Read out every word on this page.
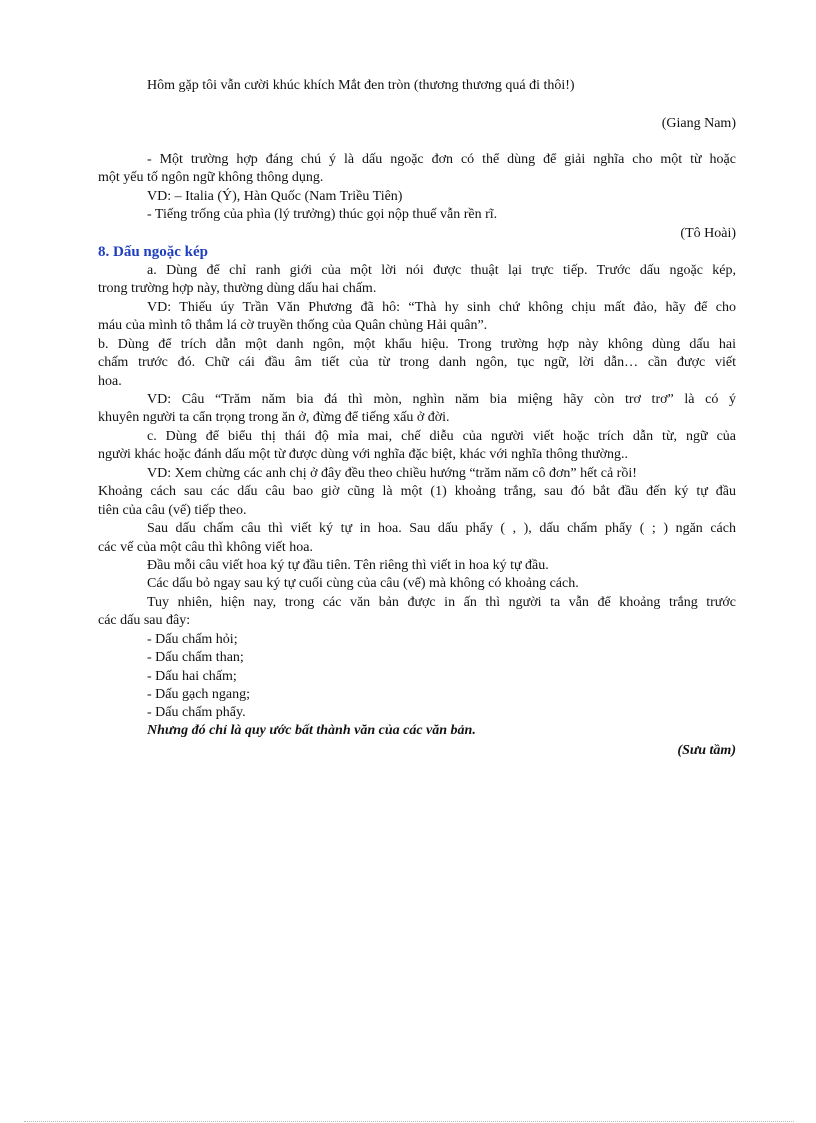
Hôm gặp tôi vẫn cười khúc khích Mắt đen tròn (thương thương quá đi thôi!)
(Giang Nam)
- Một trường hợp đáng chú ý là dấu ngoặc đơn có thể dùng để giải nghĩa cho một từ hoặc
một yếu tố ngôn ngữ không thông dụng.
VD: – Italia (Ý), Hàn Quốc (Nam Triều Tiên)
- Tiếng trống của phìa (lý trưởng) thúc gọi nộp thuế vẫn rền rĩ.
(Tô Hoài)
8. Dấu ngoặc kép
a. Dùng để chỉ ranh giới của một lời nói được thuật lại trực tiếp. Trước dấu ngoặc kép,
trong trường hợp này, thường dùng dấu hai chấm.
VD: Thiếu úy Trần Văn Phương đã hô: “Thà hy sinh chứ không chịu mất đảo, hãy để cho
máu của mình tô thắm lá cờ truyền thống của Quân chủng Hải quân”.
b. Dùng để trích dẫn một danh ngôn, một khẩu hiệu. Trong trường hợp này không dùng dấu hai
chấm trước đó. Chữ cái đầu âm tiết của từ trong danh ngôn, tục ngữ, lời dẫn… cần được viết
hoa.
VD: Câu “Trăm năm bia đá thì mòn, nghìn năm bia miệng hãy còn trơ trơ” là có ý
khuyên người ta cẩn trọng trong ăn ở, đừng để tiếng xấu ở đời.
c. Dùng để biểu thị thái độ mỉa mai, chế diễu của người viết hoặc trích dẫn từ, ngữ của
người khác hoặc đánh dấu một từ được dùng với nghĩa đặc biệt, khác với nghĩa thông thường..
VD: Xem chừng các anh chị ở đây đều theo chiều hướng “trăm năm cô đơn” hết cả rồi!
Khoảng cách sau các dấu câu bao giờ cũng là một (1) khoảng trắng, sau đó bắt đầu đến ký tự đầu
tiên của câu (vế) tiếp theo.
Sau dấu chấm câu thì viết ký tự in hoa. Sau dấu phẩy ( , ), dấu chấm phẩy ( ; ) ngăn cách
các vế của một câu thì không viết hoa.
Đầu mỗi câu viết hoa ký tự đầu tiên. Tên riêng thì viết in hoa ký tự đầu.
Các dấu bỏ ngay sau ký tự cuối cùng của câu (vế) mà không có khoảng cách.
Tuy nhiên, hiện nay, trong các văn bản được in ấn thì người ta vẫn để khoảng trắng trước
các dấu sau đây:
- Dấu chấm hỏi;
- Dấu chấm than;
- Dấu hai chấm;
- Dấu gạch ngang;
- Dấu chấm phẩy.
Nhưng đó chỉ là quy ước bất thành văn của các văn bản.
(Sưu tầm)
